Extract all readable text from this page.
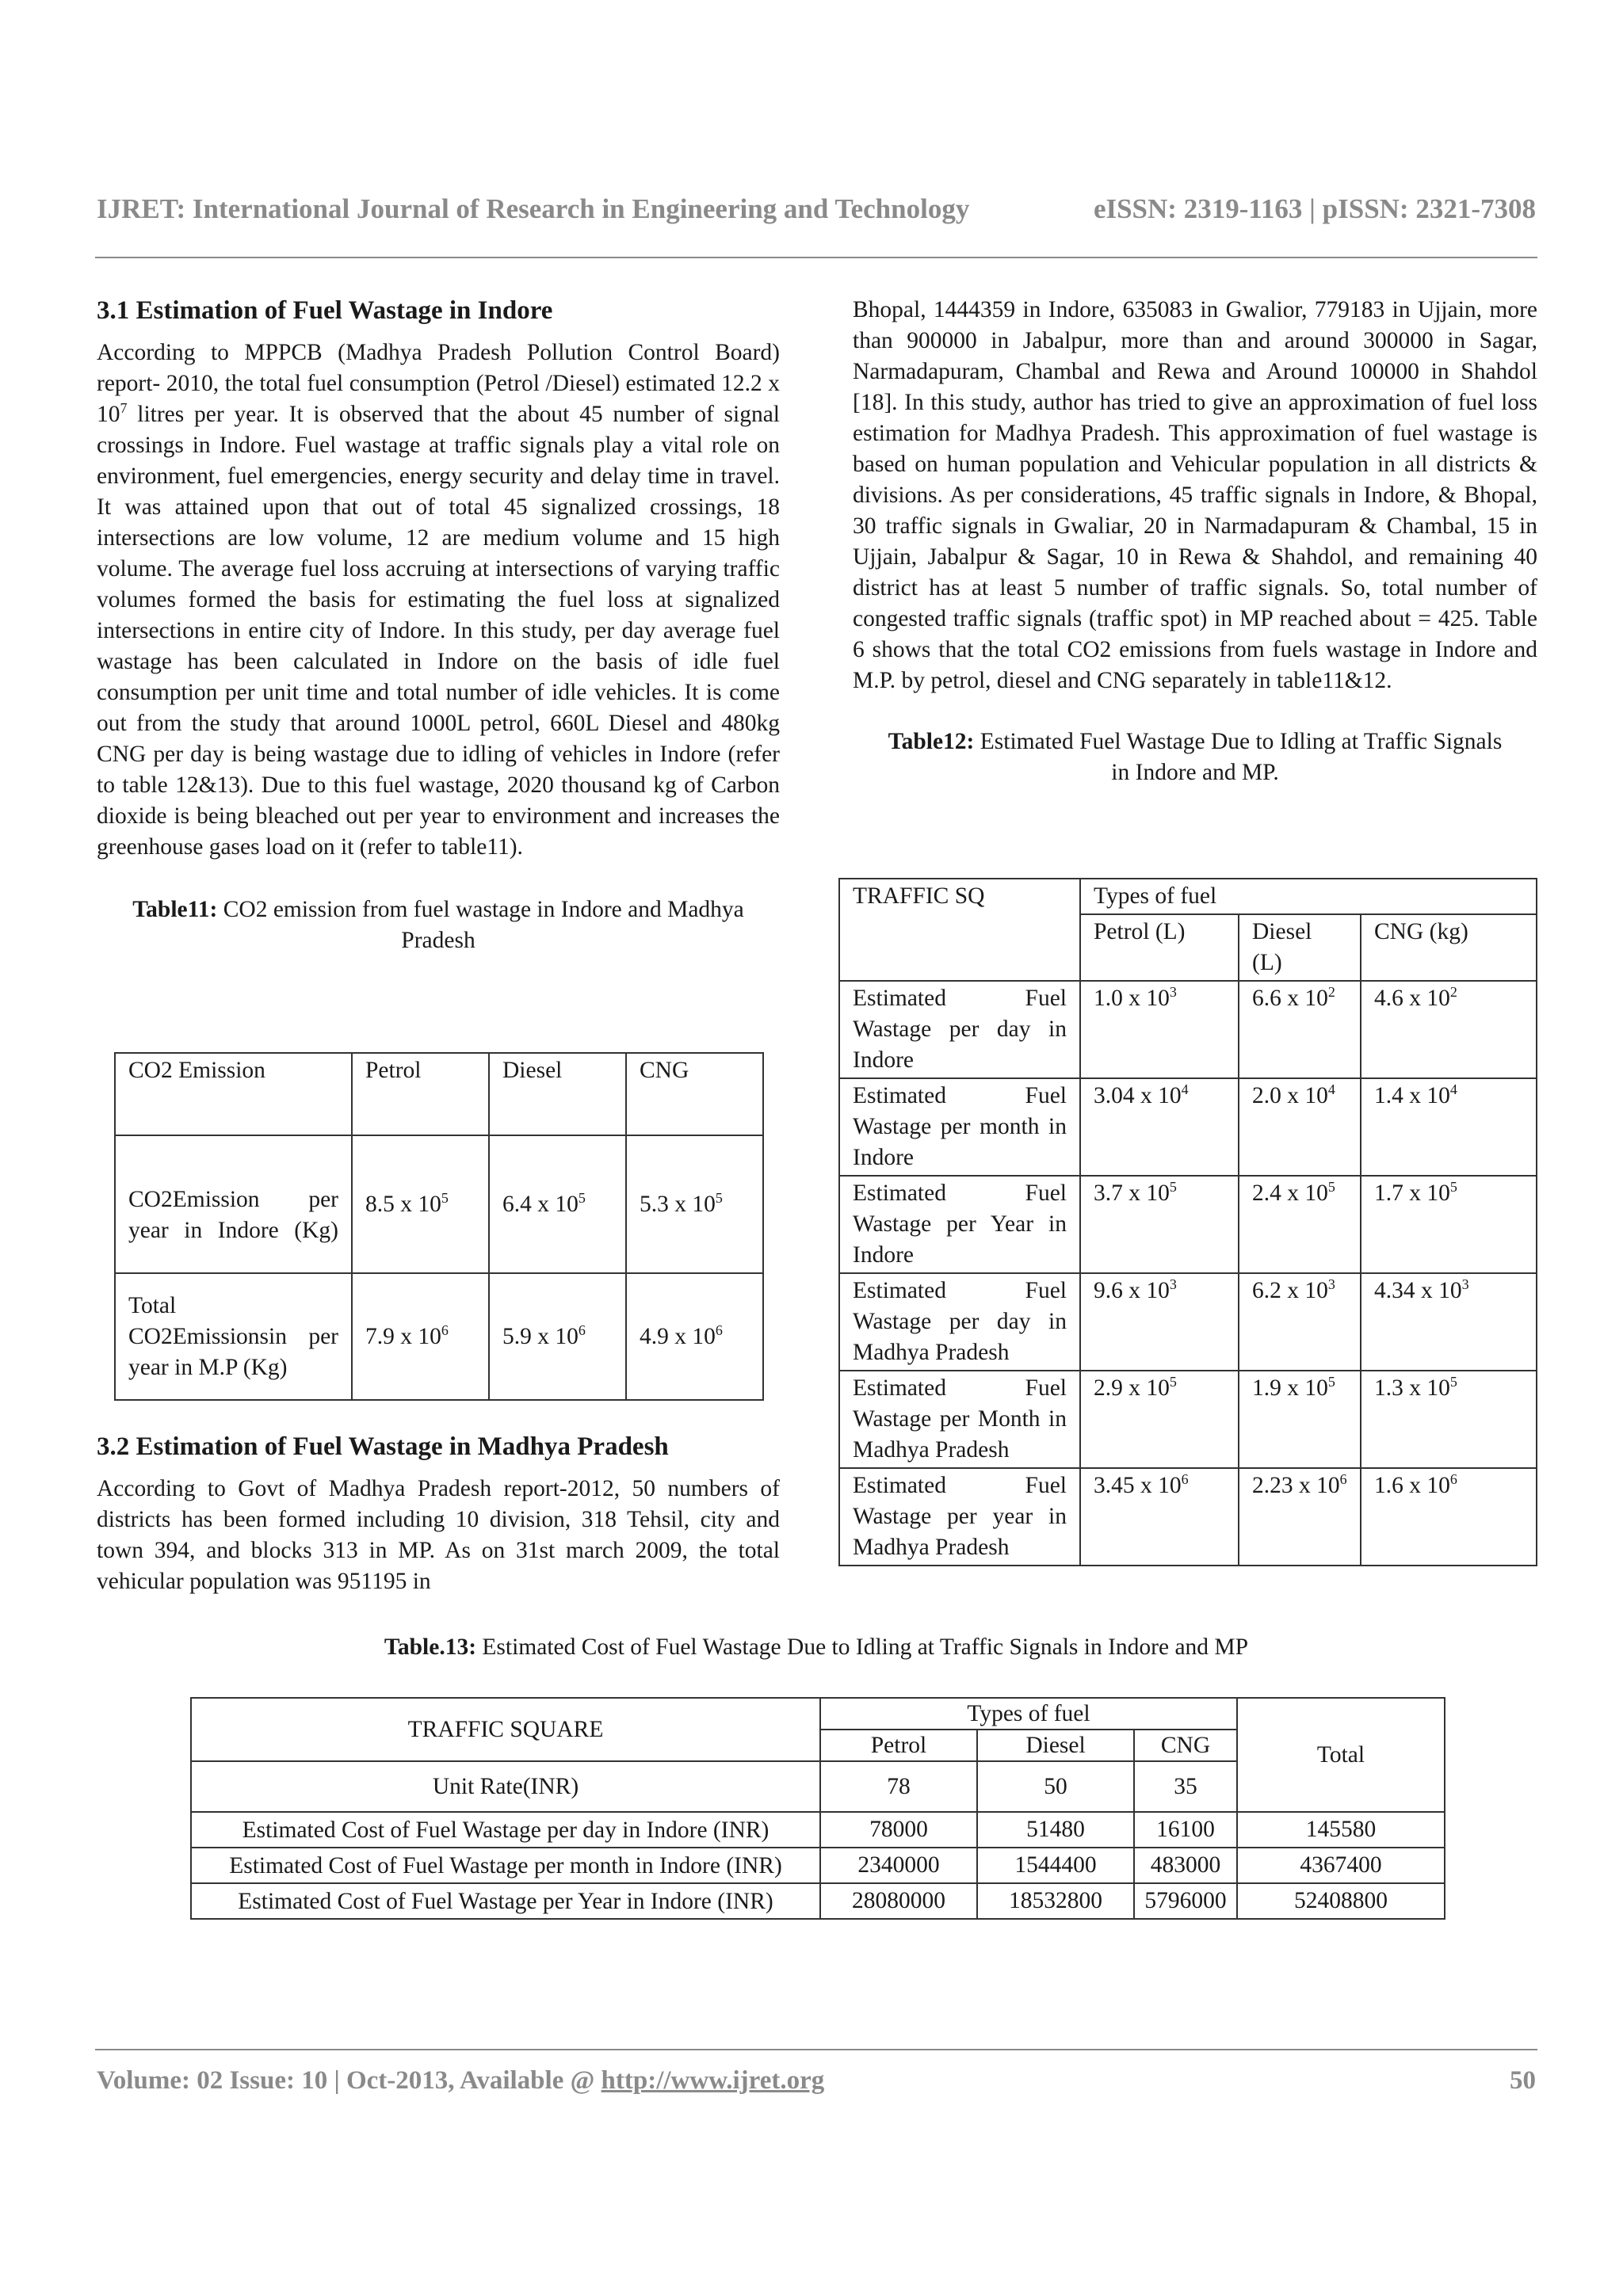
IJRET: International Journal of Research in Engineering and Technology	eISSN: 2319-1163 | pISSN: 2321-7308
3.1 Estimation of Fuel Wastage in Indore

According to MPPCB (Madhya Pradesh Pollution Control Board) report- 2010, the total fuel consumption (Petrol /Diesel) estimated 12.2 x $10^7$ litres per year. It is observed that the about 45 number of signal crossings in Indore. Fuel wastage at traffic signals play a vital role on environment, fuel emergencies, energy security and delay time in travel. It was attained upon that out of total 45 signalized crossings, 18 intersections are low volume, 12 are medium volume and 15 high volume. The average fuel loss accruing at intersections of varying traffic volumes formed the basis for estimating the fuel loss at signalized intersections in entire city of Indore. In this study, per day average fuel wastage has been calculated in Indore on the basis of idle fuel consumption per unit time and total number of idle vehicles. It is come out from the study that around 1000L petrol, 660L Diesel and 480kg CNG per day is being wastage due to idling of vehicles in Indore (refer to table 12&13). Due to this fuel wastage, 2020 thousand kg of Carbon dioxide is being bleached out per year to environment and increases the greenhouse gases load on it (refer to table11).

Table11: CO2 emission from fuel wastage in Indore and Madhya Pradesh

CO2 Emission	Petrol	Diesel	CNG

CO2Emission per year in Indore (Kg)	8.5 x $10^5$	6.4 x $10^5$	5.3 x $10^5$
Total CO2Emissionsin per year in M.P (Kg)	7.9 x $10^6$	5.9 x $10^6$	4.9 x $10^6$
3.2 Estimation of Fuel Wastage in Madhya Pradesh

According to Govt of Madhya Pradesh report-2012, 50 numbers of districts has been formed including 10 division, 318 Tehsil, city and town 394, and blocks 313 in MP. As on 31st march 2009, the total vehicular population was 951195 in

Bhopal, 1444359 in Indore, 635083 in Gwalior, 779183 in Ujjain, more than 900000 in Jabalpur, more than and around 300000 in Sagar, Narmadapuram, Chambal and Rewa and Around 100000 in Shahdol [18]. In this study, author has tried to give an approximation of fuel loss estimation for Madhya Pradesh. This approximation of fuel wastage is based on human population and Vehicular population in all districts & divisions. As per considerations, 45 traffic signals in Indore, & Bhopal, 30 traffic signals in Gwaliar, 20 in Narmadapuram & Chambal, 15 in Ujjain, Jabalpur & Sagar, 10 in Rewa & Shahdol, and remaining 40 district has at least 5 number of traffic signals. So, total number of congested traffic signals (traffic spot) in MP reached about = 425. Table 6 shows that the total CO2 emissions from fuels wastage in Indore and M.P. by petrol, diesel and CNG separately in table11&12.

Table12: Estimated Fuel Wastage Due to Idling at Traffic Signals in Indore and MP.

TRAFFIC SQ	Types of fuel		
	Petrol (L)	Diesel (L)	CNG (kg)
Estimated Fuel Wastage per day in Indore	1.0 x $10^3$	6.6 x $10^2$	4.6 x $10^2$
Estimated Fuel Wastage per month in Indore	3.04 x $10^4$	2.0 x $10^4$	1.4 x $10^4$
Estimated Fuel Wastage per Year in Indore	3.7 x $10^5$	2.4 x $10^5$	1.7 x $10^5$
Estimated Fuel Wastage per day in Madhya Pradesh	9.6 x $10^3$	6.2 x $10^3$	4.34 x $10^3$
Estimated Fuel Wastage per Month in Madhya Pradesh	2.9 x $10^5$	1.9 x $10^5$	1.3 x $10^5$
Estimated Fuel Wastage per year in Madhya Pradesh	3.45 x $10^6$	2.23 x $10^6$	1.6 x $10^6$

Table.13: Estimated Cost of Fuel Wastage Due to Idling at Traffic Signals in Indore and MP

TRAFFIC SQUARE	Types of fuel			Total
	Petrol	Diesel	CNG	
Unit Rate(INR)	78	50	35	
Estimated Cost of Fuel Wastage per day in Indore (INR)	78000	51480	16100	145580
Estimated Cost of Fuel Wastage per month in Indore (INR)	2340000	1544400	483000	4367400
Estimated Cost of Fuel Wastage per Year in Indore (INR)	28080000	18532800	5796000	52408800
Volume: 02 Issue: 10 | Oct-2013, Available @ http://www.ijret.org	50
